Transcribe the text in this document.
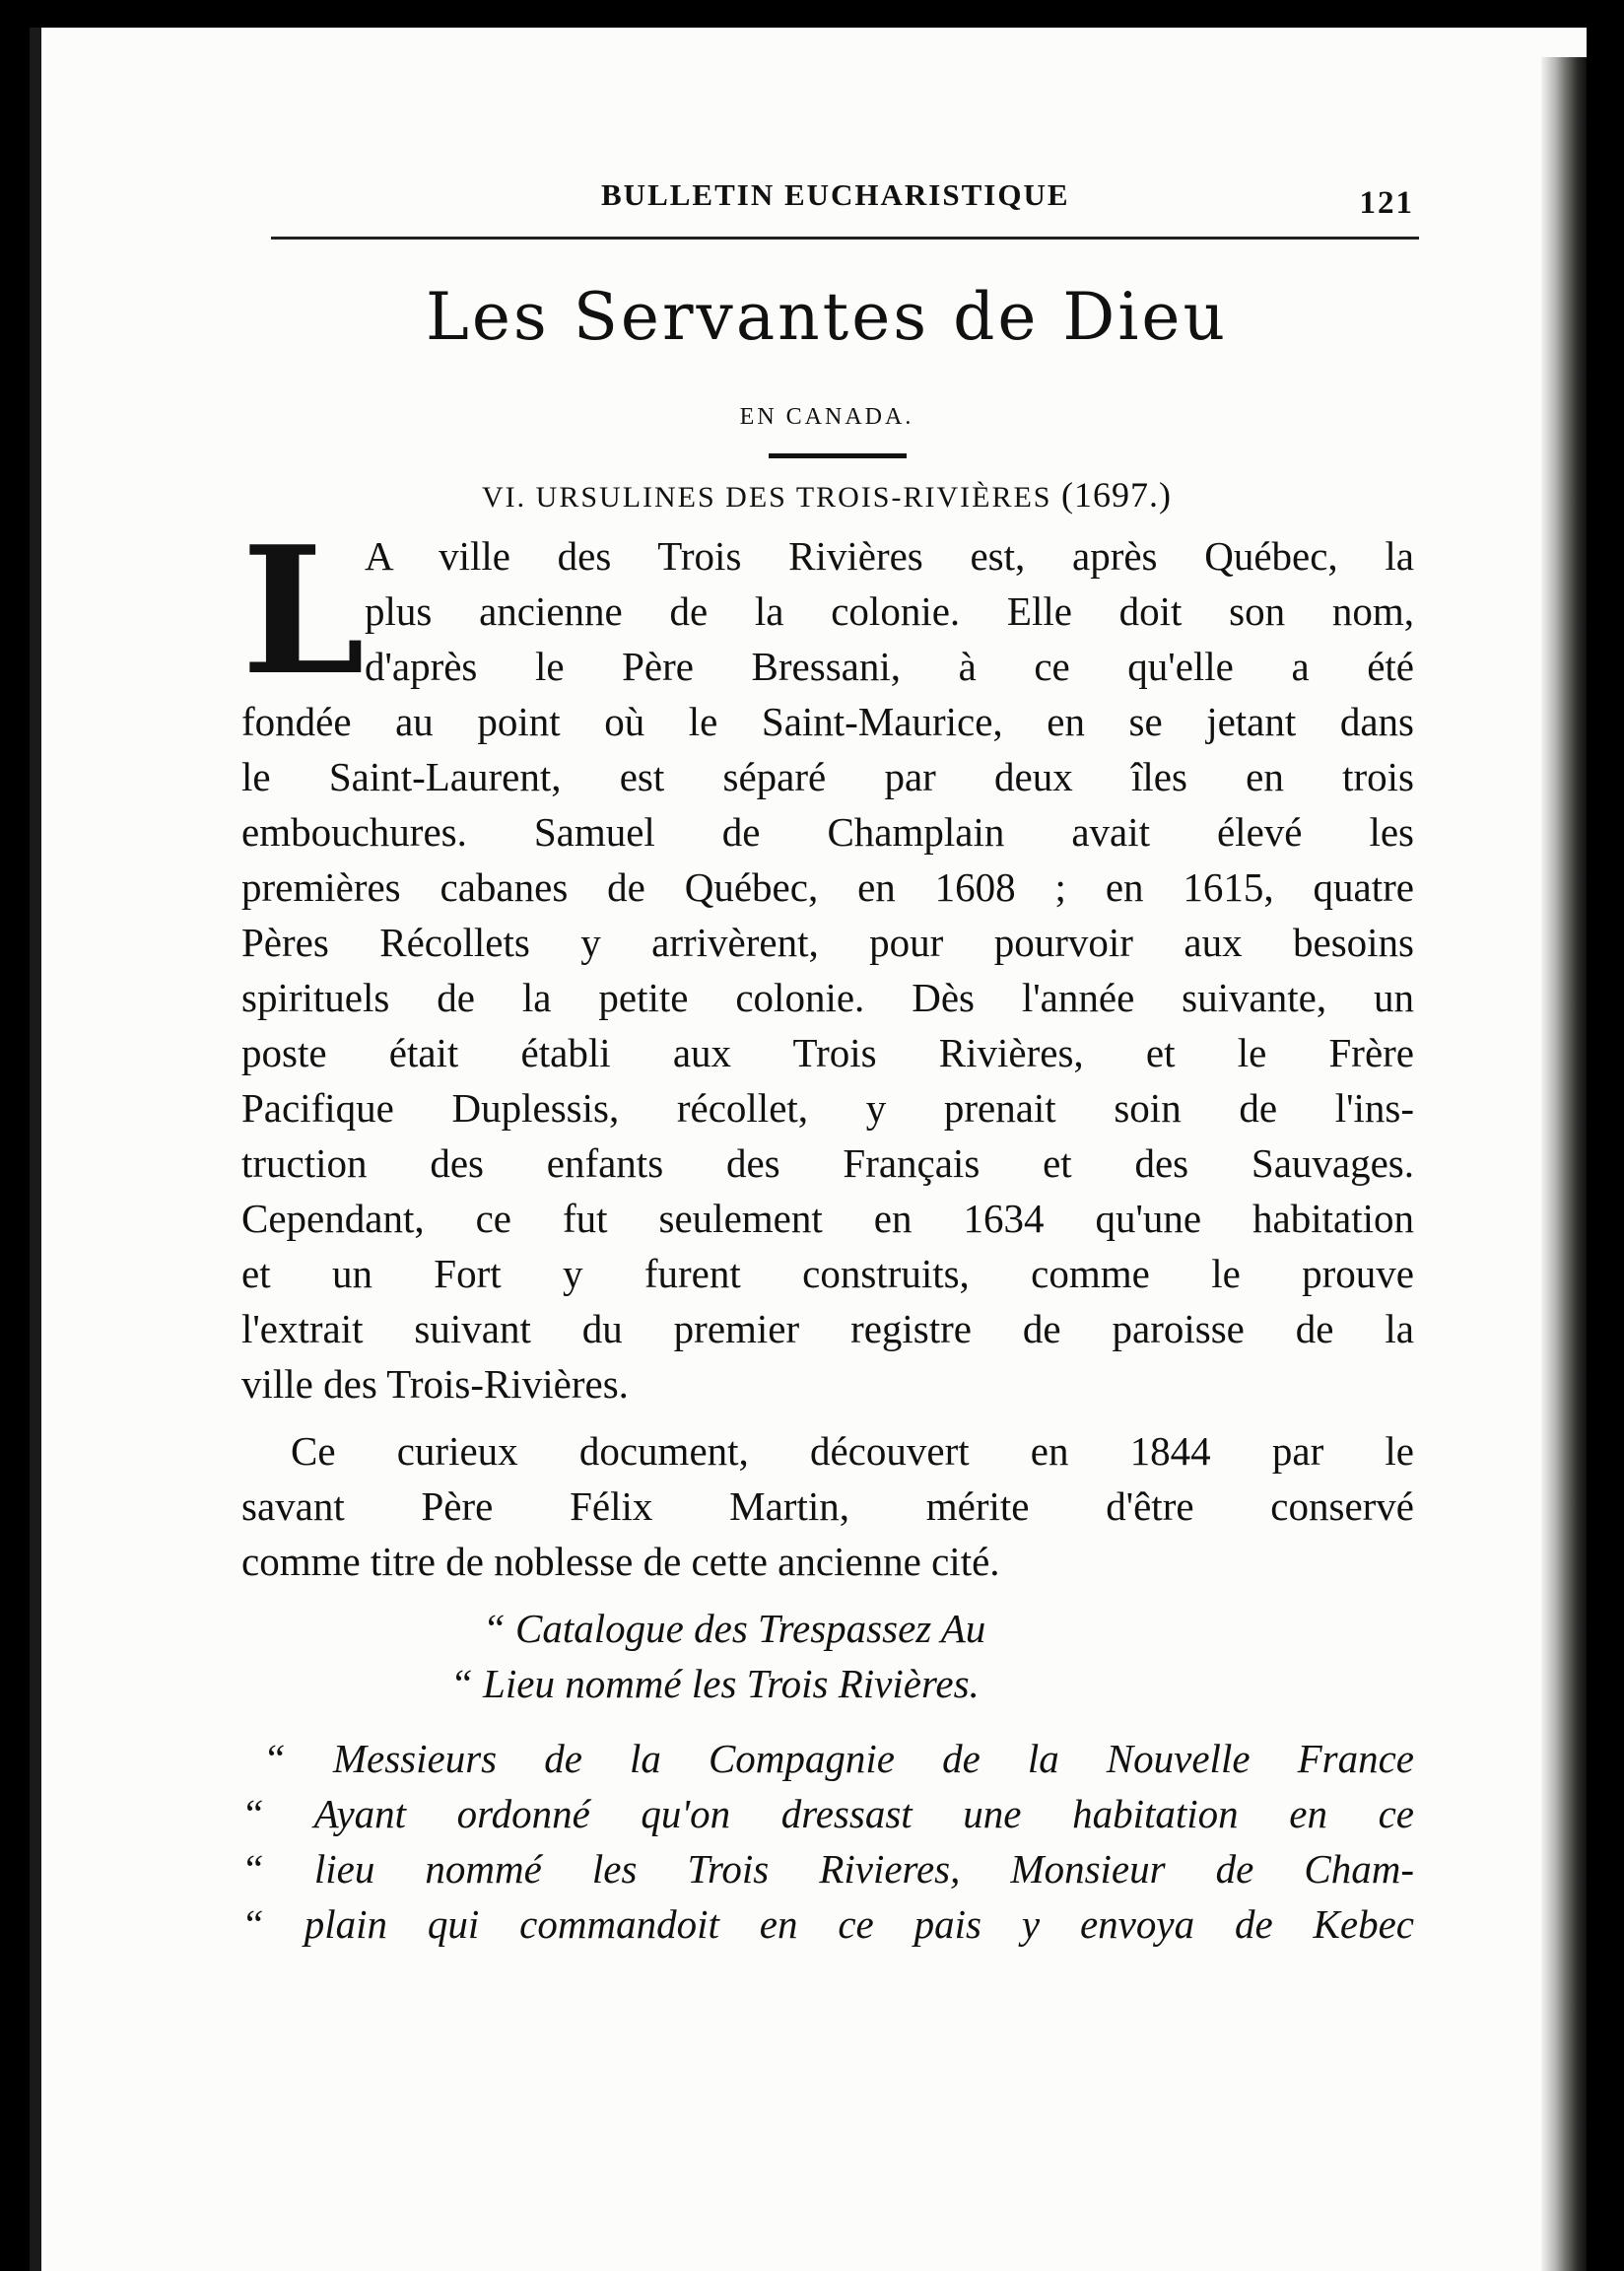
BULLETIN EUCHARISTIQUE	121
Les Servantes de Dieu
EN CANADA.
VI. URSULINES DES TROIS-RIVIÈRES (1697.)
L A ville des Trois Rivières est, après Québec, la
plus ancienne de la colonie. Elle doit son nom,
d'après le Père Bressani, à ce qu'elle a été
fondée au point où le Saint-Maurice, en se jetant dans
le Saint-Laurent, est séparé par deux îles en trois
embouchures. Samuel de Champlain avait élevé les
premières cabanes de Québec, en 1608 ; en 1615, quatre
Pères Récollets y arrivèrent, pour pourvoir aux besoins
spirituels de la petite colonie. Dès l'année suivante, un
poste était établi aux Trois Rivières, et le Frère
Pacifique Duplessis, récollet, y prenait soin de l'ins-
truction des enfants des Français et des Sauvages.
Cependant, ce fut seulement en 1634 qu'une habitation
et un Fort y furent construits, comme le prouve
l'extrait suivant du premier registre de paroisse de la
ville des Trois-Rivières.
Ce curieux document, découvert en 1844 par le
savant Père Félix Martin, mérite d'être conservé
comme titre de noblesse de cette ancienne cité.
“ Catalogue des Trespassez Au
“ Lieu nommé les Trois Rivières.
“ Messieurs de la Compagnie de la Nouvelle France
“ Ayant ordonné qu'on dressast une habitation en ce
“ lieu nommé les Trois Rivieres, Monsieur de Cham-
“ plain qui commandoit en ce pais y envoya de Kebec
